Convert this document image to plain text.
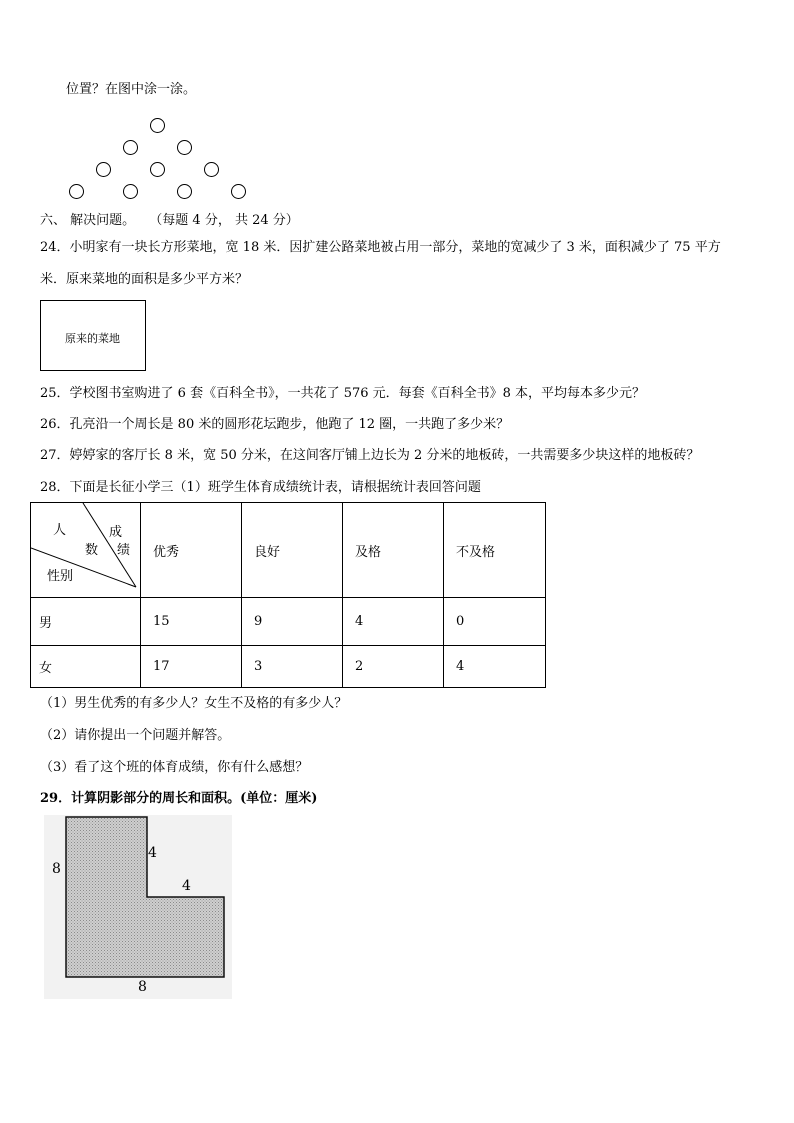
位置？在图中涂一涂。
六、 解决问题。 （每题 4 分， 共 24 分）
24．小明家有一块长方形菜地，宽 18 米．因扩建公路菜地被占用一部分，菜地的宽减少了 3 米，面积减少了 75 平方
米．原来菜地的面积是多少平方米？
原来的菜地
25．学校图书室购进了 6 套《百科全书》，一共花了 576 元．每套《百科全书》8 本，平均每本多少元？
26．孔亮沿一个周长是 80 米的圆形花坛跑步，他跑了 12 圈，一共跑了多少米？
27．婷婷家的客厅长 8 米，宽 50 分米，在这间客厅铺上边长为 2 分米的地板砖，一共需要多少块这样的地板砖？
28．下面是长征小学三（1）班学生体育成绩统计表，请根据统计表回答问题
人
数
成
绩
性别	优秀	良好	及格	不及格
男	15	9	4	0
女	17	3	2	4
（1）男生优秀的有多少人？女生不及格的有多少人？
（2）请你提出一个问题并解答。
（3）看了这个班的体育成绩，你有什么感想？
29．计算阴影部分的周长和面积。(单位：厘米)
8
4
4
8
